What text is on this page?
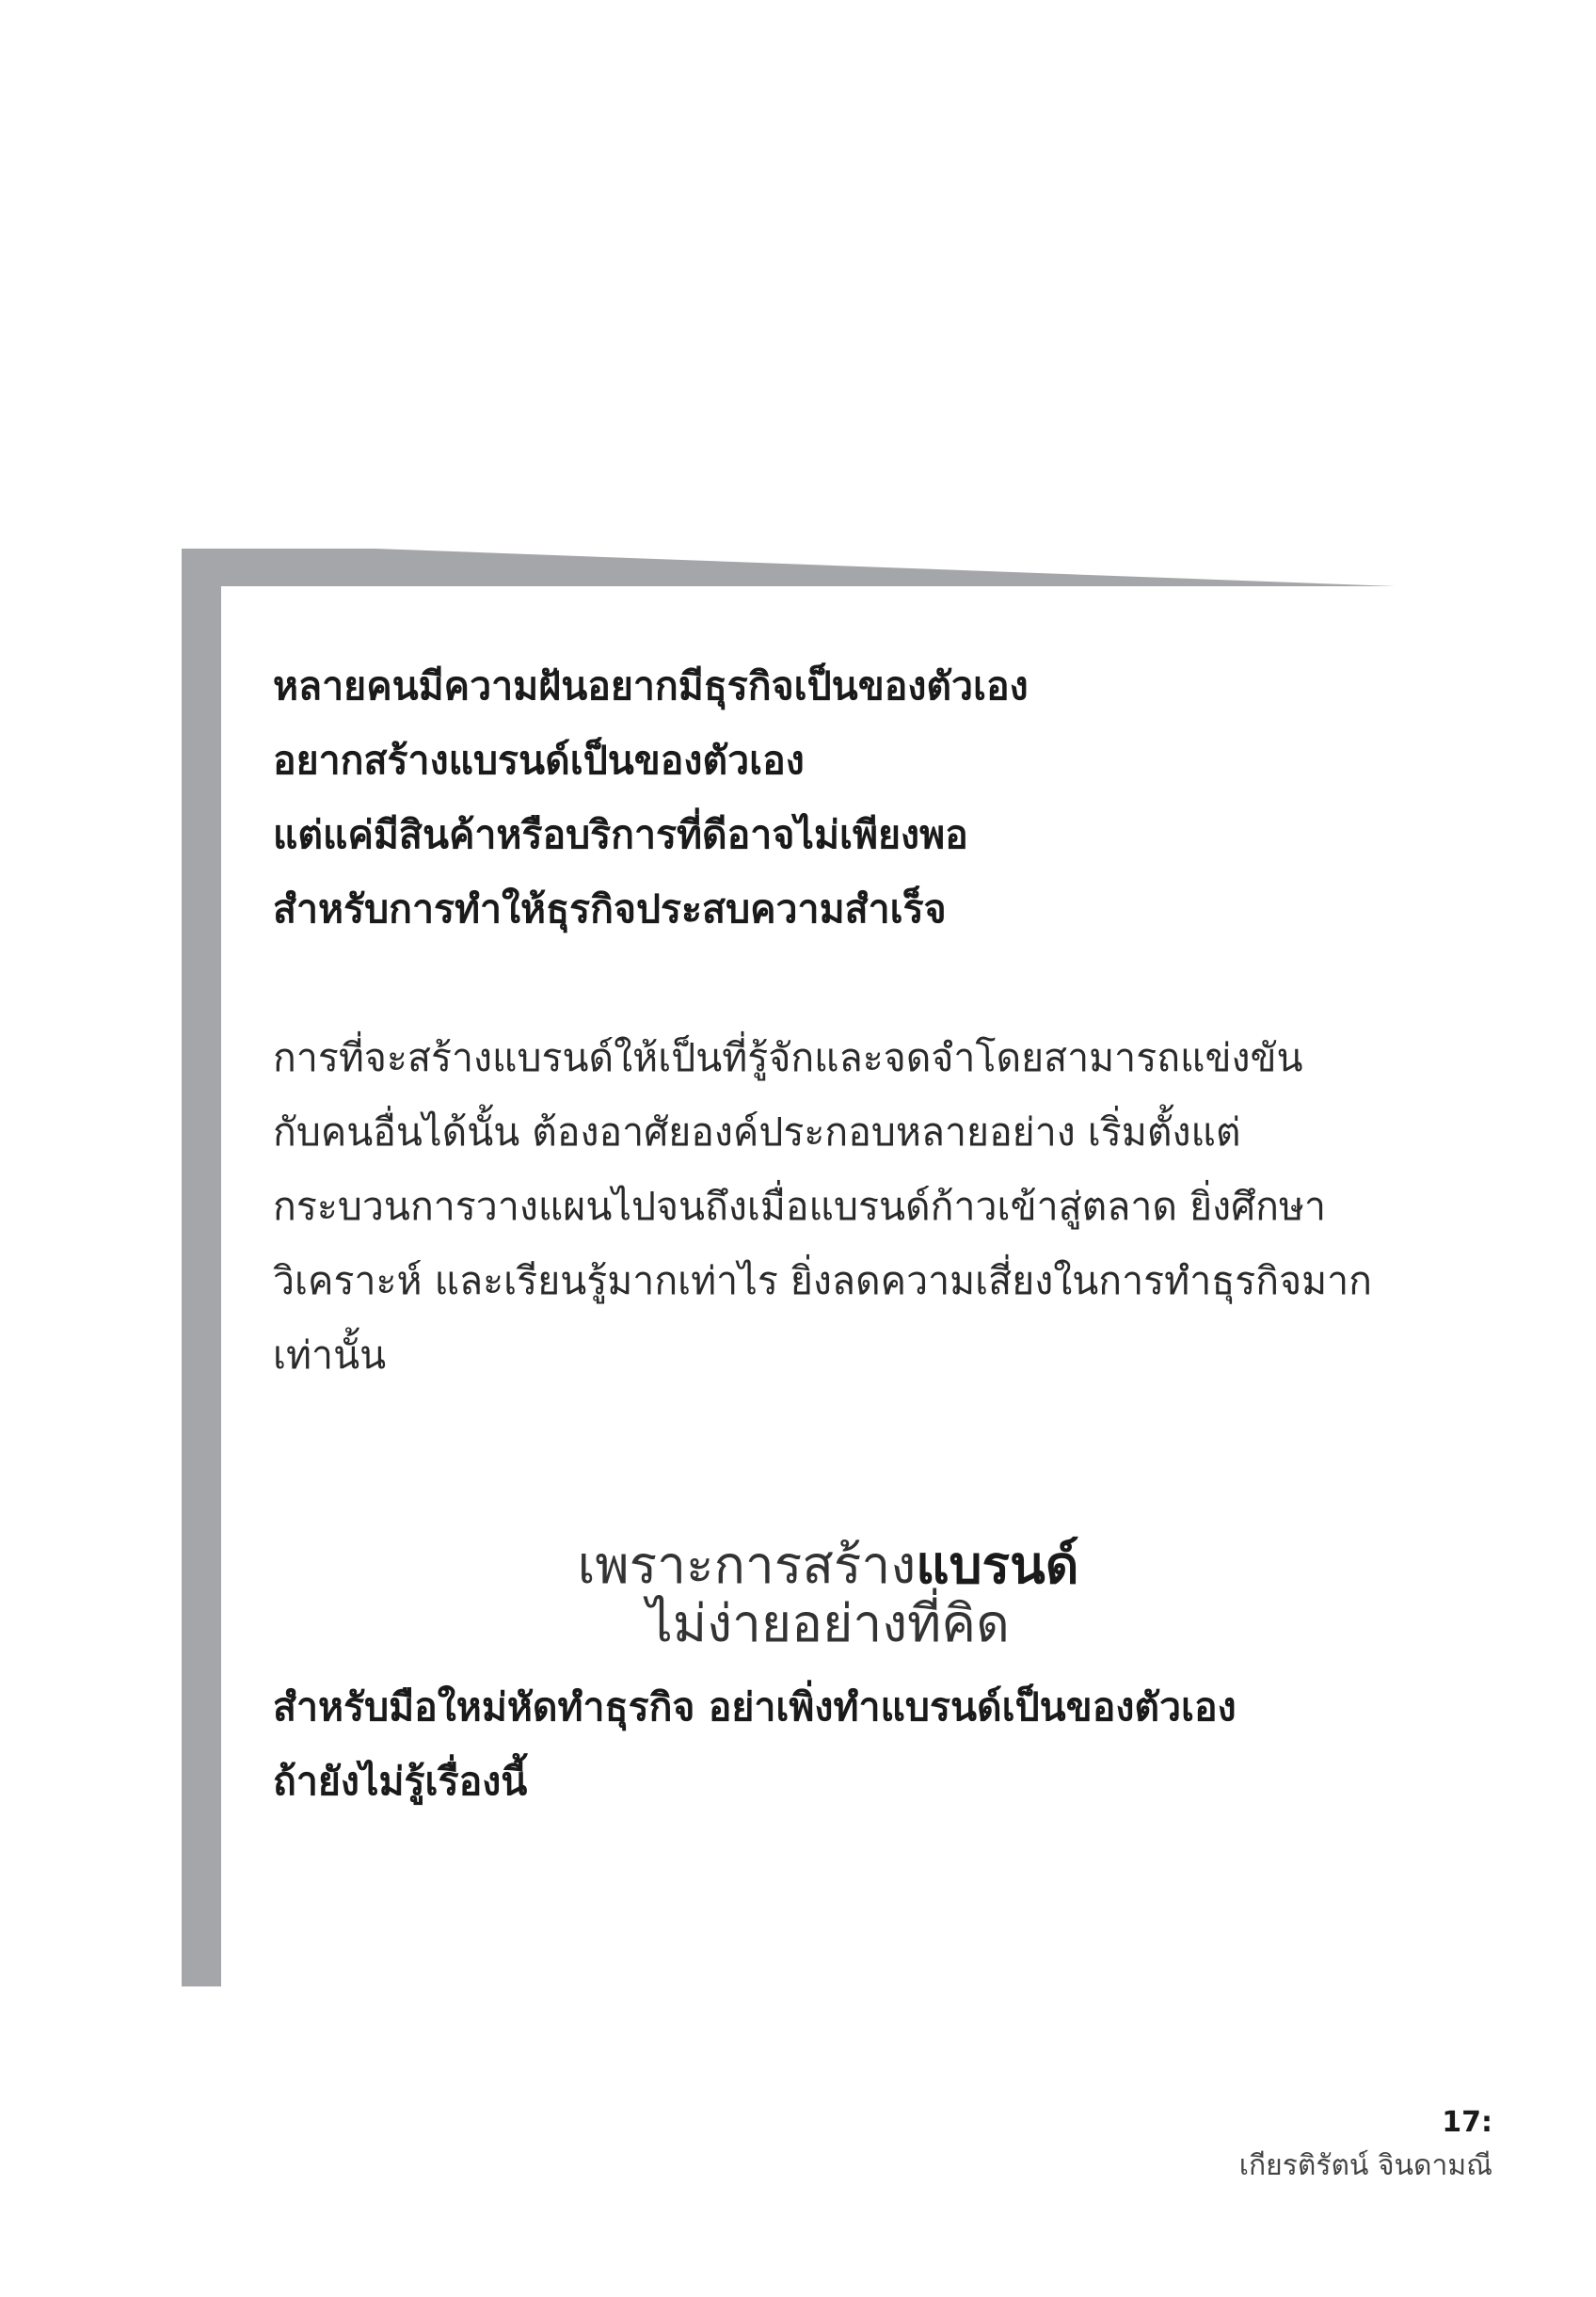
หลายคนมีความฝันอยากมีธุรกิจเป็นของตัวเอง
อยากสร้างแบรนด์เป็นของตัวเอง
แต่แค่มีสินค้าหรือบริการที่ดีอาจไม่เพียงพอ
สำหรับการทำให้ธุรกิจประสบความสำเร็จ
การที่จะสร้างแบรนด์ให้เป็นที่รู้จักและจดจำโดยสามารถแข่งขัน
กับคนอื่นได้นั้น ต้องอาศัยองค์ประกอบหลายอย่าง เริ่มตั้งแต่
กระบวนการวางแผนไปจนถึงเมื่อแบรนด์ก้าวเข้าสู่ตลาด ยิ่งศึกษา
วิเคราะห์ และเรียนรู้มากเท่าไร ยิ่งลดความเสี่ยงในการทำธุรกิจมาก
เท่านั้น
เพราะการสร้างแบรนด์
ไม่ง่ายอย่างที่คิด
สำหรับมือใหม่หัดทำธุรกิจ อย่าเพิ่งทำแบรนด์เป็นของตัวเอง
ถ้ายังไม่รู้เรื่องนี้
17:
เกียรติรัตน์ จินดามณี
